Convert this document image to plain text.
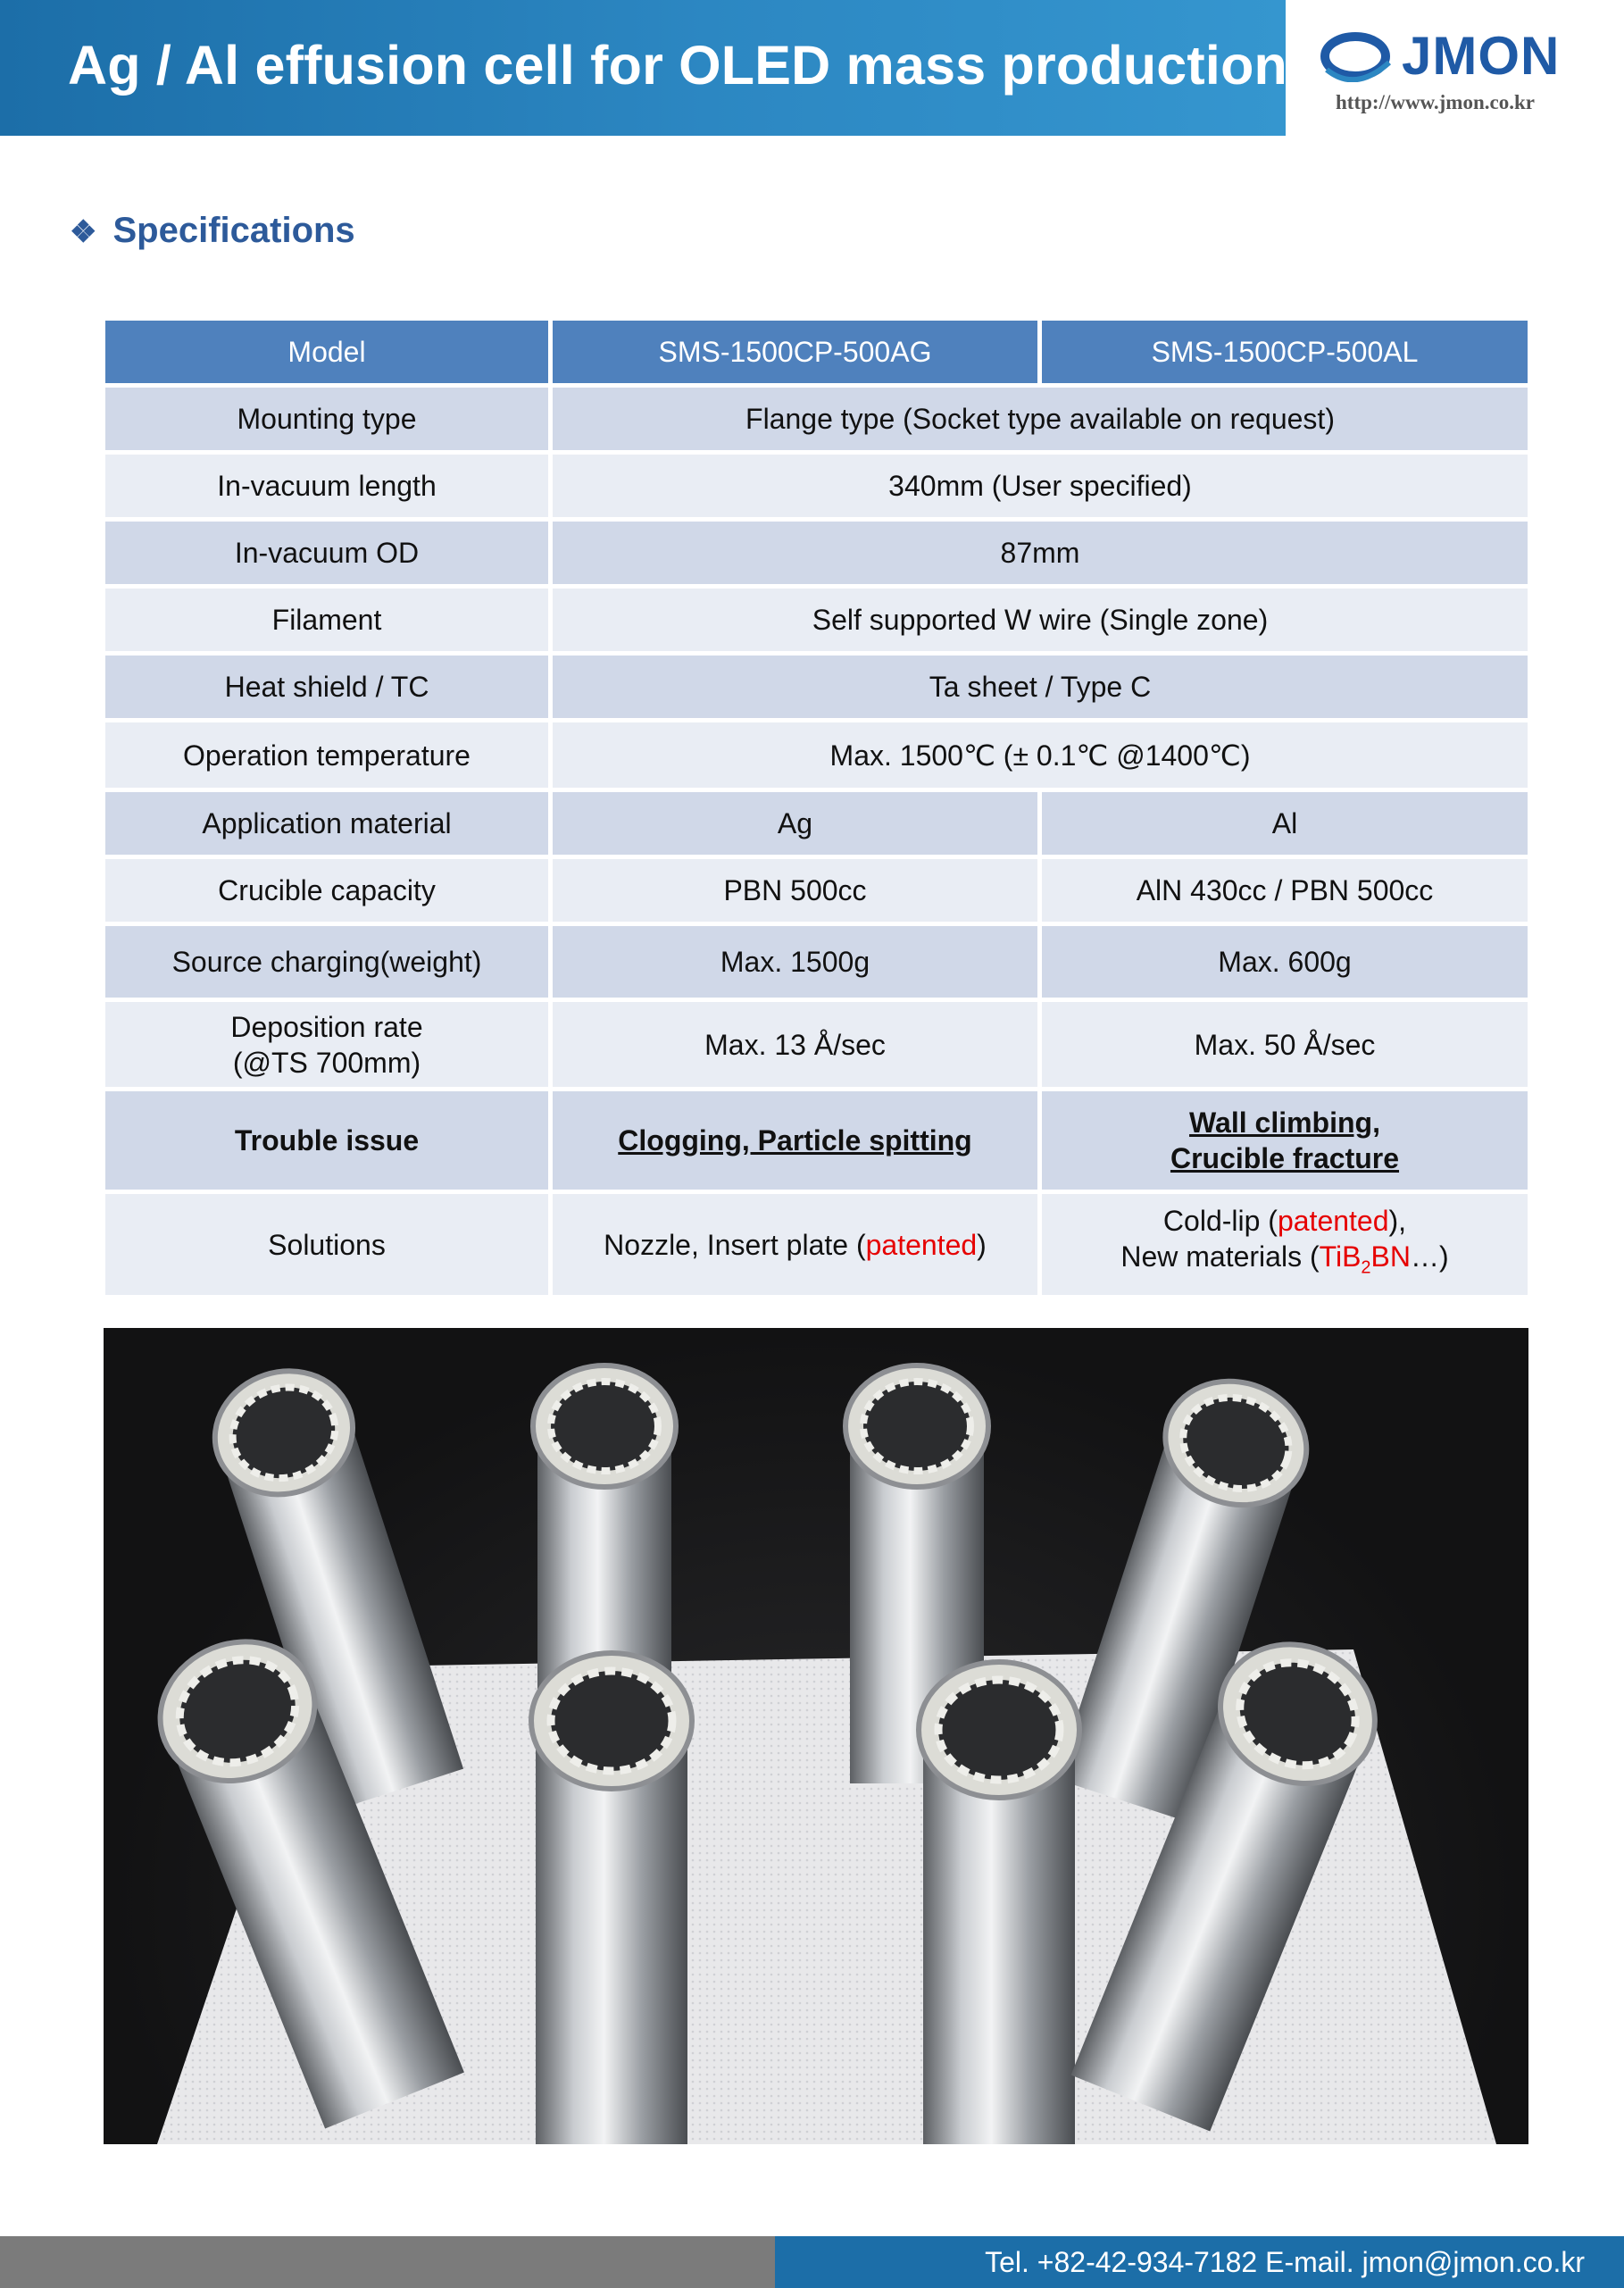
Ag / Al effusion cell for OLED mass production JMON
http://www.jmon.co.kr
❖ Specifications
Model	SMS-1500CP-500AG	SMS-1500CP-500AL
Mounting type	Flange type (Socket type available on request)	
In-vacuum length	340mm (User specified)	
In-vacuum OD	87mm	
Filament	Self supported W wire (Single zone)	
Heat shield / TC	Ta sheet / Type C	
Operation temperature	Max. 1500℃ (± 0.1℃ @1400℃)	
Application material	Ag	Al
Crucible capacity	PBN 500cc	AlN 430cc / PBN 500cc
Source charging(weight)	Max. 1500g	Max. 600g

Deposition rate
(@TS 700mm)	Max. 13 Å/sec	Max. 50 Å/sec
Trouble issue	Clogging, Particle spitting	Wall climbing,
Crucible fracture

Solutions	Nozzle, Insert plate (patented)	Cold-lip (patented),
New materials (TiB$_2$BN…)
Tel. +82-42-934-7182 E-mail. jmon@jmon.co.kr
